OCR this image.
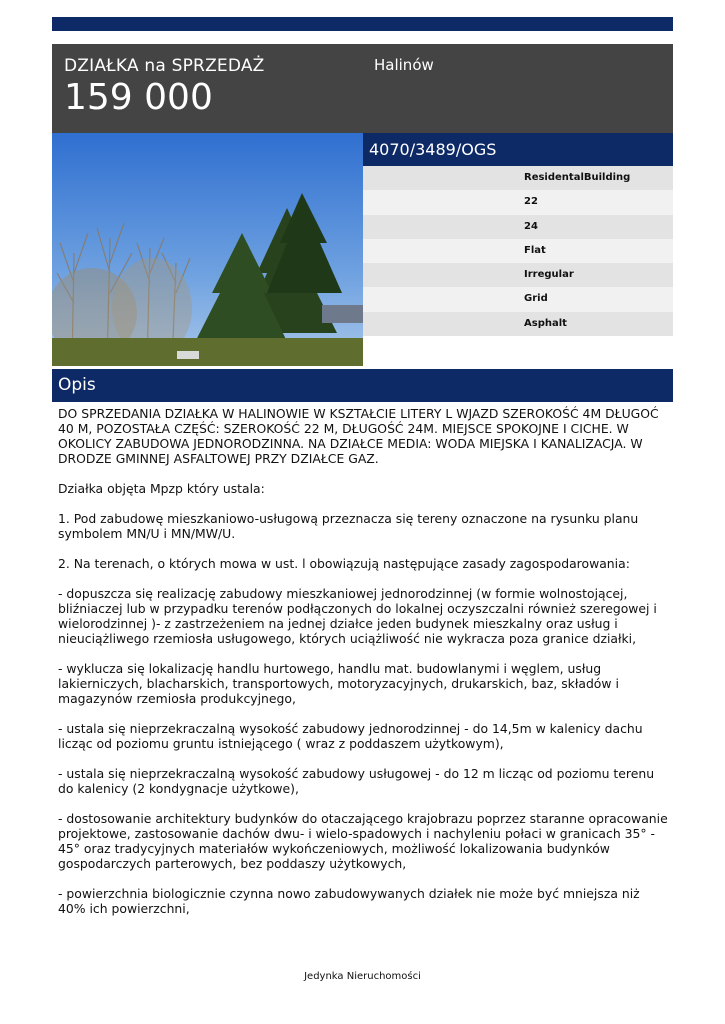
DZIAŁKA na SPRZEDAŻ
159 000
Halinów
4070/3489/OGS
ResidentalBuilding
22
24
Flat
Irregular
Grid
Asphalt
Opis

DO SPRZEDANIA DZIAŁKA W HALINOWIE W KSZTAŁCIE LITERY L WJAZD SZEROKOŚĆ 4M DŁUGOĆ 40 M, POZOSTAŁA CZĘŚĆ: SZEROKOŚĆ 22 M, DŁUGOŚĆ 24M. MIEJSCE SPOKOJNE I CICHE. W OKOLICY ZABUDOWA JEDNORODZINNA. NA DZIAŁCE MEDIA: WODA MIEJSKA I KANALIZACJA. W DRODZE GMINNEJ ASFALTOWEJ PRZY DZIAŁCE GAZ.

Działka objęta Mpzp który ustala:

1. Pod zabudowę mieszkaniowo-usługową przeznacza się tereny oznaczone na rysunku planu symbolem MN/U i MN/MW/U.

2. Na terenach, o których mowa w ust. l obowiązują następujące zasady zagospodarowania:

- dopuszcza się realizację zabudowy mieszkaniowej jednorodzinnej (w formie wolnostojącej, bliźniaczej lub w przypadku terenów podłączonych do lokalnej oczyszczalni również szeregowej i wielorodzinnej )- z zastrzeżeniem na jednej działce jeden budynek mieszkalny oraz usług i nieuciążliwego rzemiosła usługowego, których uciążliwość nie wykracza poza granice działki,

- wyklucza się lokalizację handlu hurtowego, handlu mat. budowlanymi i węglem, usług lakierniczych, blacharskich, transportowych, motoryzacyjnych, drukarskich, baz, składów i magazynów rzemiosła produkcyjnego,

- ustala się nieprzekraczalną wysokość zabudowy jednorodzinnej - do 14,5m w kalenicy dachu licząc od poziomu gruntu istniejącego ( wraz z poddaszem użytkowym),

- ustala się nieprzekraczalną wysokość zabudowy usługowej - do 12 m licząc od poziomu terenu do kalenicy (2 kondygnacje użytkowe),

- dostosowanie architektury budynków do otaczającego krajobrazu poprzez staranne opracowanie projektowe, zastosowanie dachów dwu- i wielo-spadowych i nachyleniu połaci w granicach 35° - 45° oraz tradycyjnych materiałów wykończeniowych, możliwość lokalizowania budynków gospodarczych parterowych, bez poddaszy użytkowych,

- powierzchnia biologicznie czynna nowo zabudowywanych działek nie może być mniejsza niż 40% ich powierzchni,

Jedynka Nieruchomości
